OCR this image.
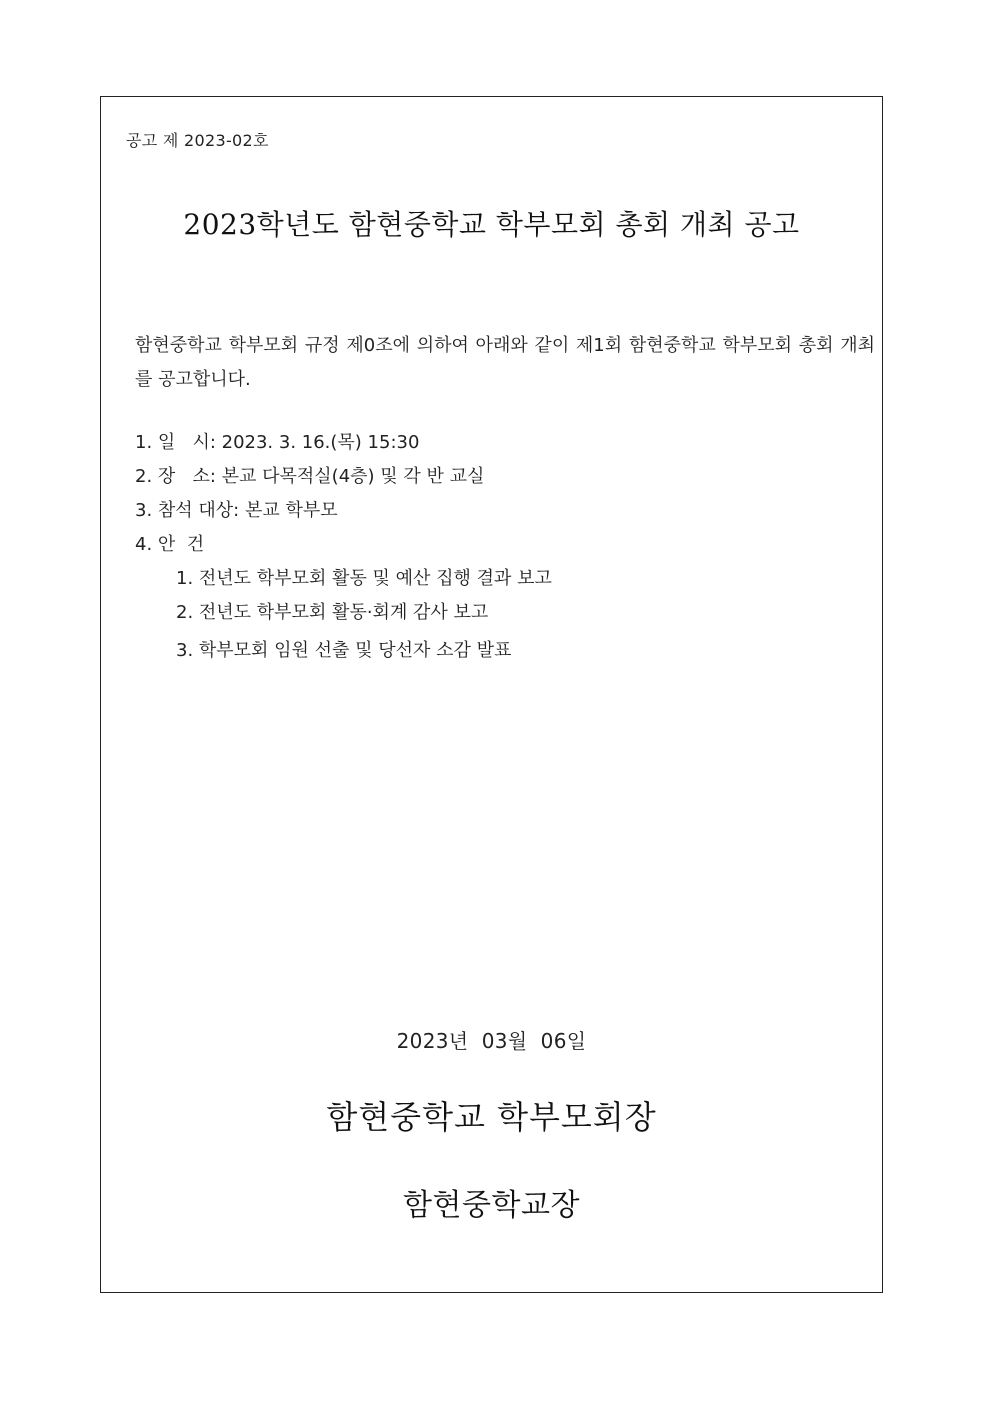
공고 제 2023-02호
2023학년도 함현중학교 학부모회 총회 개최 공고
함현중학교 학부모회 규정 제0조에 의하여 아래와 같이 제1회 함현중학교 학부모회 총회 개최를 공고합니다.
1. 일   시: 2023. 3. 16.(목) 15:30
2. 장   소: 본교 다목적실(4층) 및 각 반 교실
3. 참석 대상: 본교 학부모
4. 안  건
1. 전년도 학부모회 활동 및 예산 집행 결과 보고
2. 전년도 학부모회 활동·회계 감사 보고
3. 학부모회 임원 선출 및 당선자 소감 발표
2023년  03월  06일
함현중학교 학부모회장
함현중학교장
